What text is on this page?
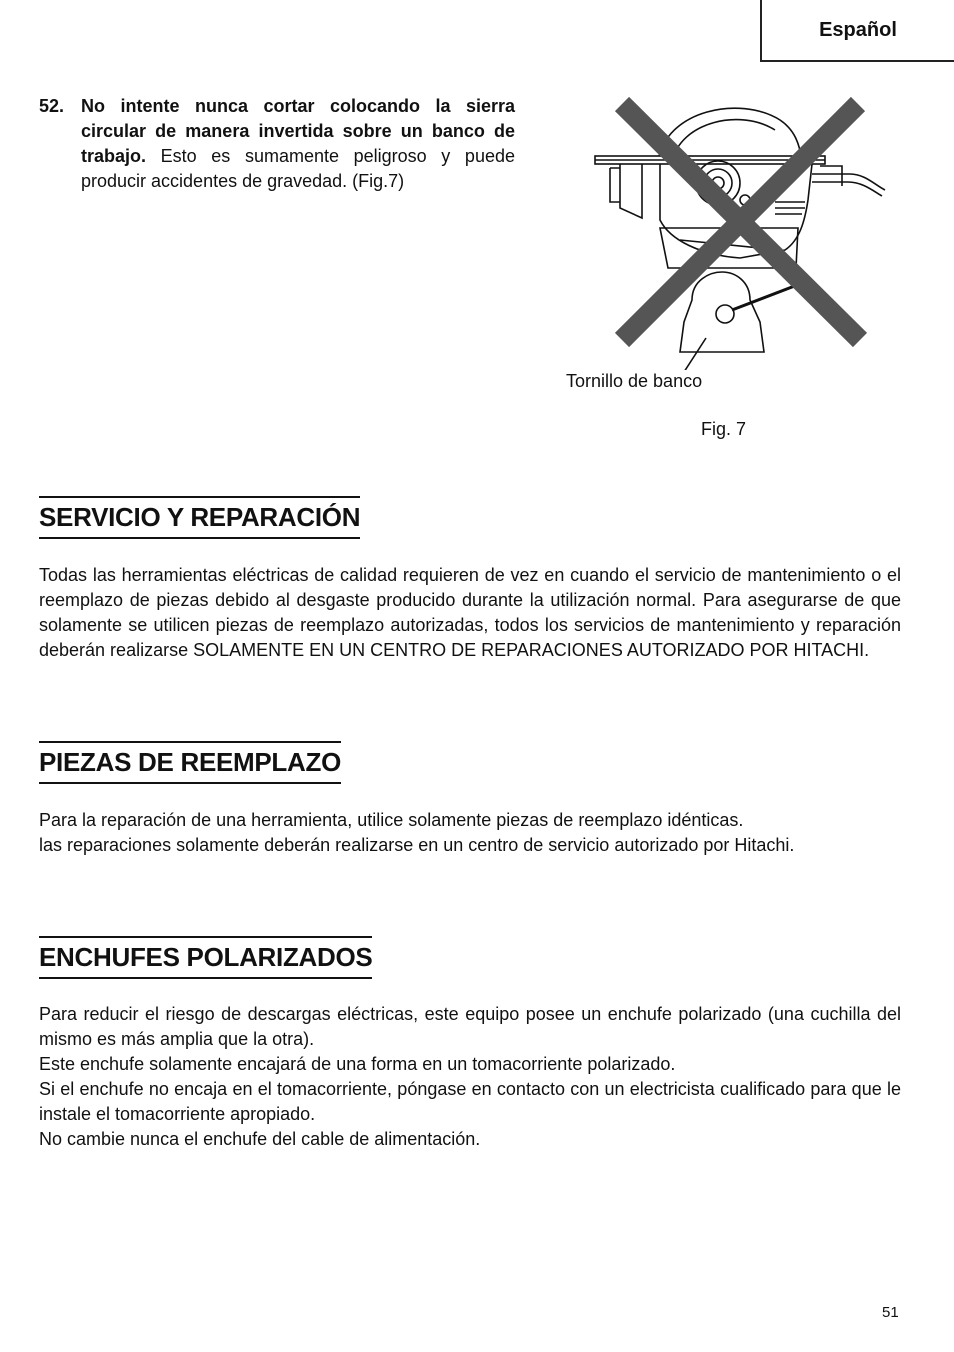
Español
52. No intente nunca cortar colocando la sierra circular de manera invertida sobre un banco de trabajo. Esto es sumamente peligroso y puede producir accidentes de gravedad. (Fig.7)
Tornillo de banco
Fig. 7
SERVICIO Y REPARACIÓN

Todas las herramientas eléctricas de calidad requieren de vez en cuando el servicio de mantenimiento o el reemplazo de piezas debido al desgaste producido durante la utilización normal. Para asegurarse de que solamente se utilicen piezas de reemplazo autorizadas, todos los servicios de mantenimiento y reparación deberán realizarse SOLAMENTE EN UN CENTRO DE REPARACIONES AUTORIZADO POR HITACHI.

PIEZAS DE REEMPLAZO

Para la reparación de una herramienta, utilice solamente piezas de reemplazo idénticas.

las reparaciones solamente deberán realizarse en un centro de servicio autorizado por Hitachi.

ENCHUFES POLARIZADOS

Para reducir el riesgo de descargas eléctricas, este equipo posee un enchufe polarizado (una cuchilla del mismo es más amplia que la otra).

Este enchufe solamente encajará de una forma en un tomacorriente polarizado.

Si el enchufe no encaja en el tomacorriente, póngase en contacto con un electricista cualificado para que le instale el tomacorriente apropiado.

No cambie nunca el enchufe del cable de alimentación.

51
